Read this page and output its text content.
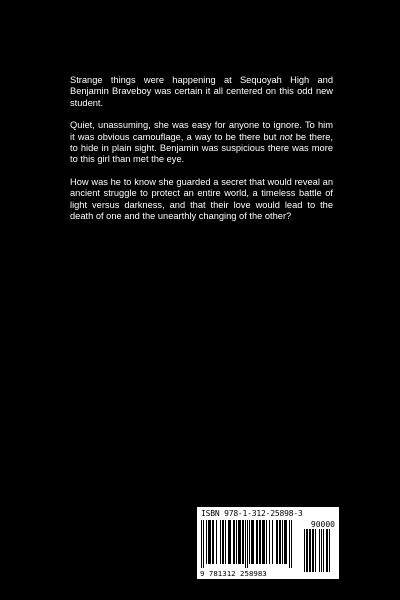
Strange things were happening at Sequoyah High and Benjamin Braveboy was certain it all centered on this odd new student.

Quiet, unassuming, she was easy for anyone to ignore. To him it was obvious camouflage, a way to be there but not be there, to hide in plain sight. Benjamin was suspicious there was more to this girl than met the eye.

How was he to know she guarded a secret that would reveal an ancient struggle to protect an entire world, a timeless battle of light versus darkness, and that their love would lead to the death of one and the unearthly changing of the other?

ISBN 978-1-312-25898-3
90000
9 781312 258983
